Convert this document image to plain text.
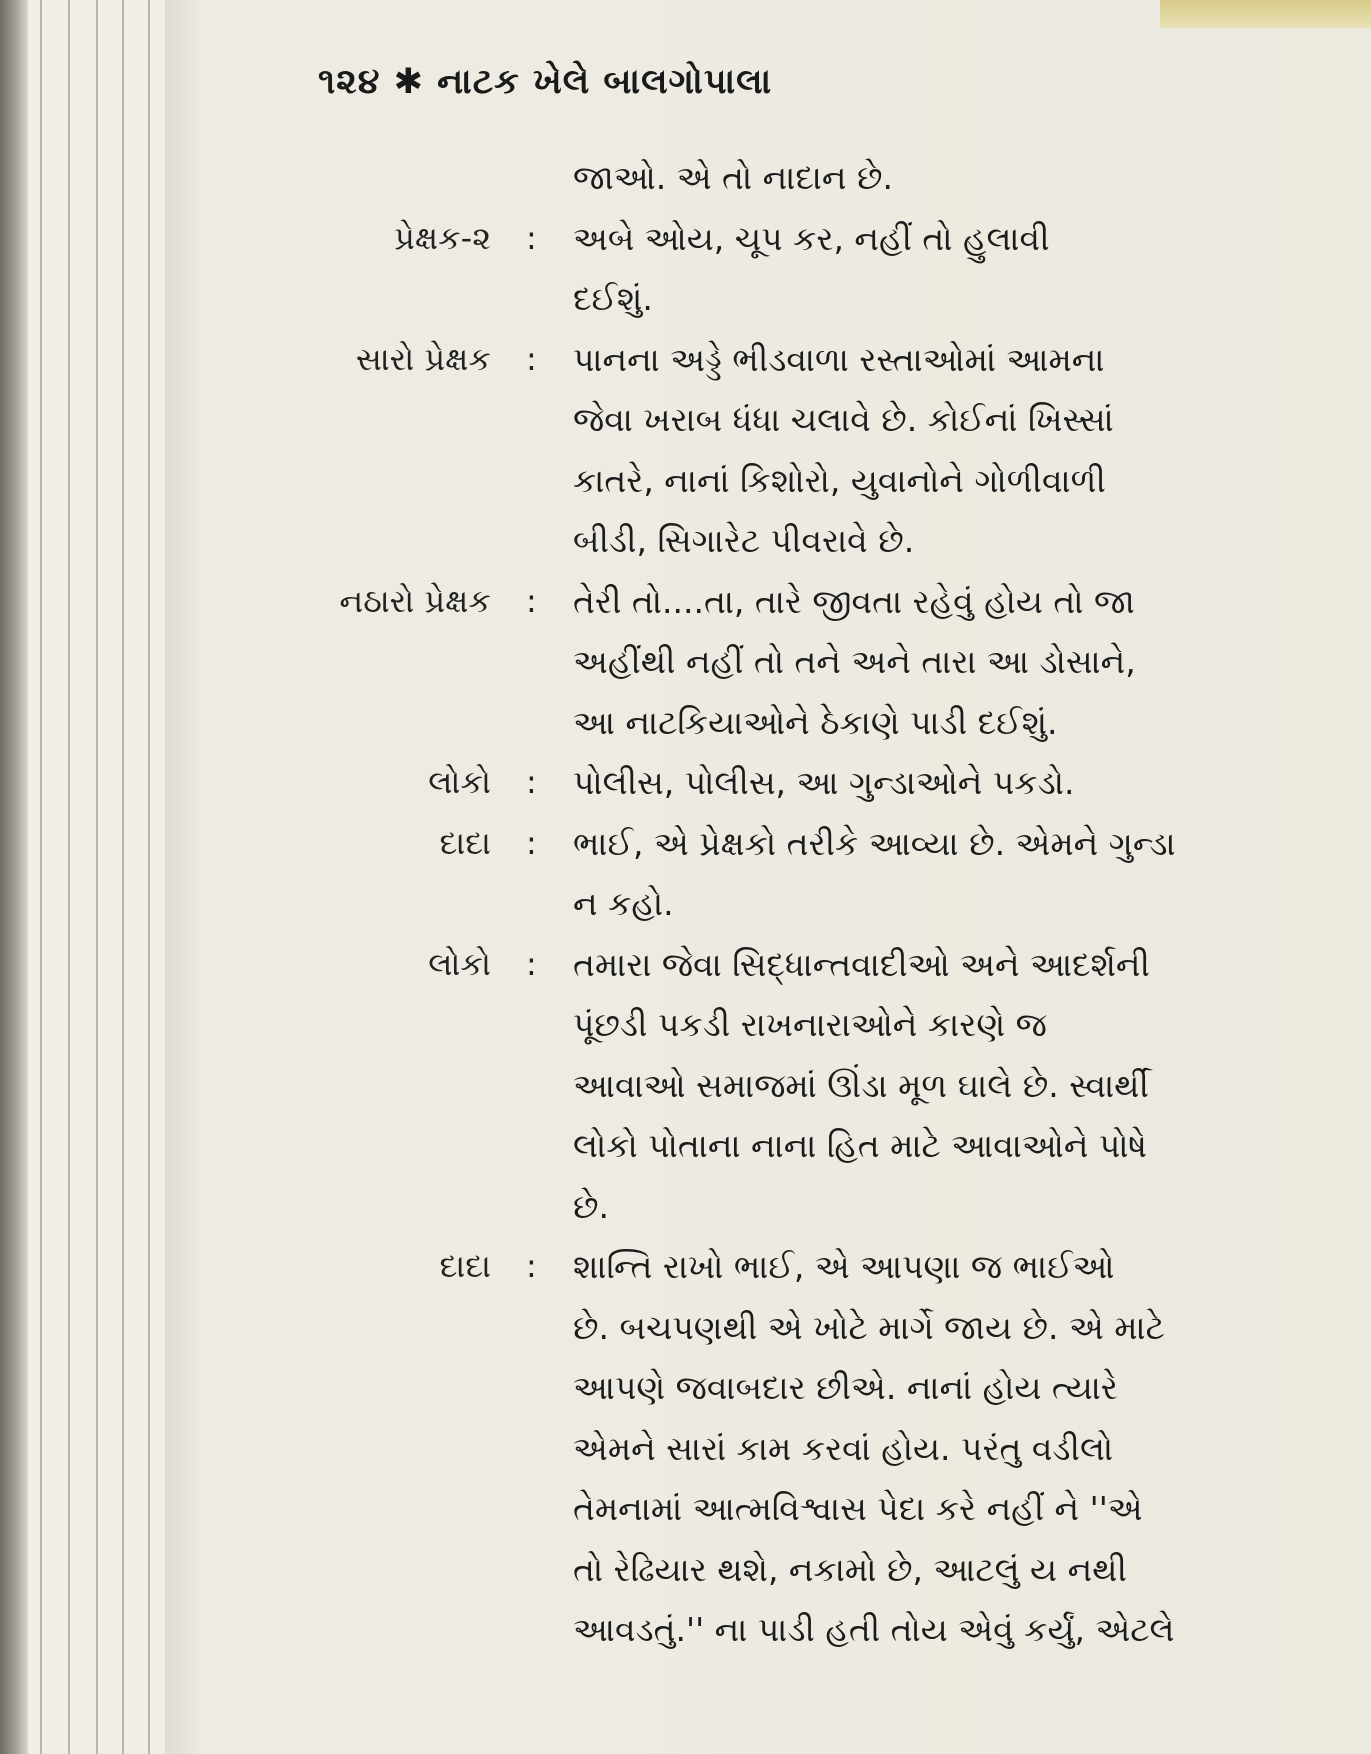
૧૨૪ ✱ નાટક ખેલે બાલગોપાલા
જાઓ. એ તો નાદાન છે.
પ્રેક્ષક-૨ : અબે ઓય, ચૂપ કર, નહીં તો હુલાવી
દઈશું.
સારો પ્રેક્ષક : પાનના અડ્ડે ભીડવાળા રસ્તાઓમાં આમના
જેવા ખરાબ ધંધા ચલાવે છે. કોઈનાં ખિસ્સાં
કાતરે, નાનાં કિશોરો, યુવાનોને ગોળીવાળી
બીડી, સિગારેટ પીવરાવે છે.
નઠારો પ્રેક્ષક : તેરી તો....તા, તારે જીવતા રહેવું હોય તો જા
અહીંથી નહીં તો તને અને તારા આ ડોસાને,
આ નાટકિયાઓને ઠેકાણે પાડી દઈશું.
લોકો : પોલીસ, પોલીસ, આ ગુન્ડાઓને પકડો.
દાદા : ભાઈ, એ પ્રેક્ષકો તરીકે આવ્યા છે. એમને ગુન્ડા
ન કહો.
લોકો : તમારા જેવા સિદ્ધાન્તવાદીઓ અને આદર્શની
પૂંછડી પકડી રાખનારાઓને કારણે જ
આવાઓ સમાજમાં ઊંડા મૂળ ઘાલે છે. સ્વાર્થી
લોકો પોતાના નાના હિત માટે આવાઓને પોષે
છે.
દાદા : શાન્તિ રાખો ભાઈ, એ આપણા જ ભાઈઓ
છે. બચપણથી એ ખોટે માર્ગે જાય છે. એ માટે
આપણે જવાબદાર છીએ. નાનાં હોય ત્યારે
એમને સારાં કામ કરવાં હોય. પરંતુ વડીલો
તેમનામાં આત્મવિશ્વાસ પેદા કરે નહીં ને ''એ
તો રેઢિયાર થશે, નકામો છે, આટલું ય નથી
આવડતું.'' ના પાડી હતી તોય એવું કર્યું, એટલે
